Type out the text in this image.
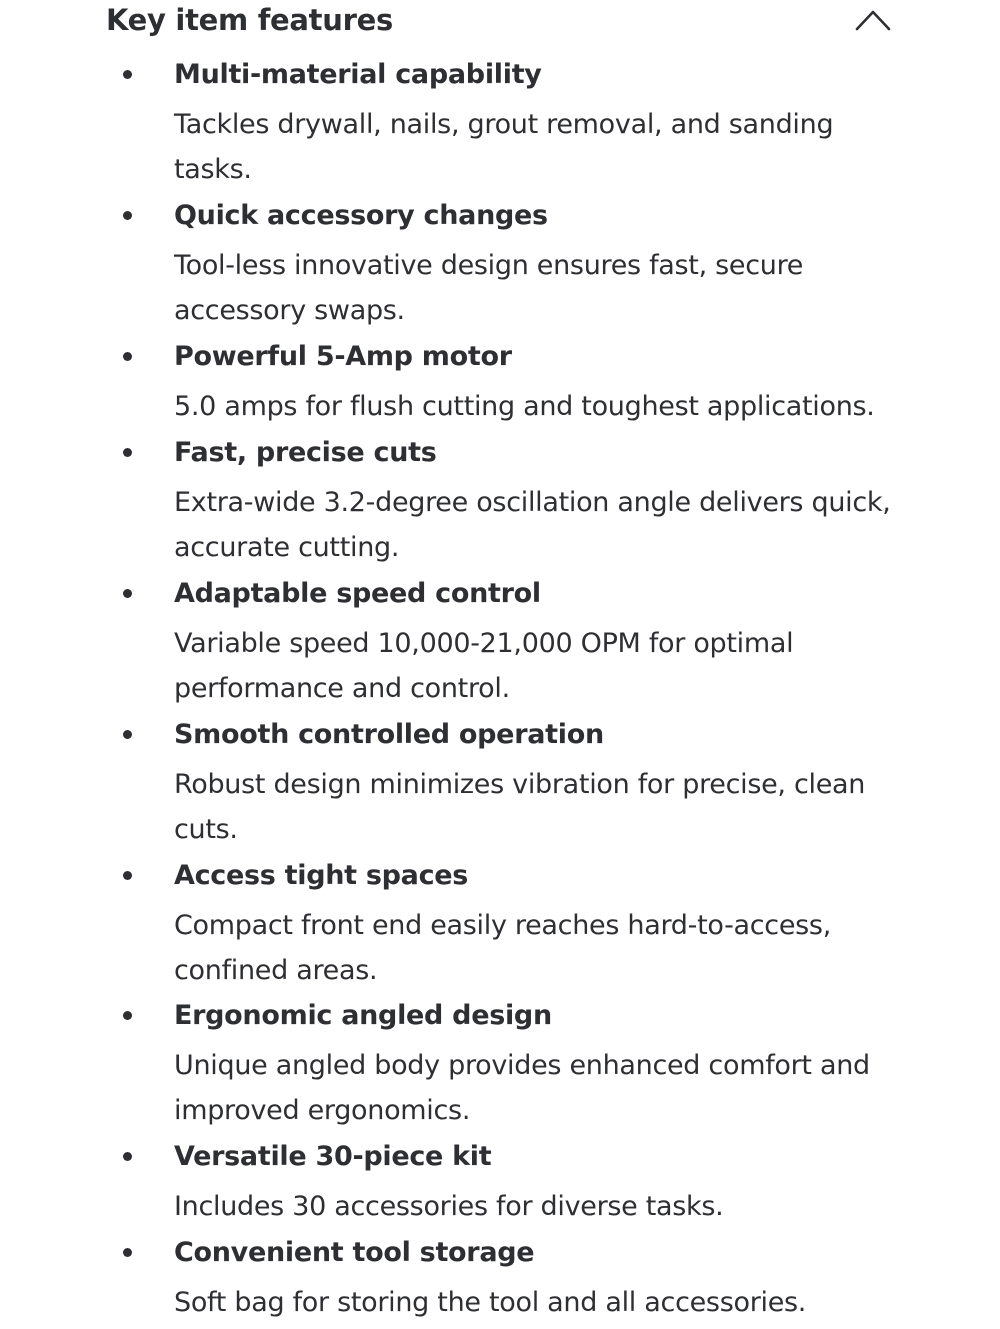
Key item features
Multi-material capability

Tackles drywall, nails, grout removal, and sanding tasks.

Quick accessory changes

Tool-less innovative design ensures fast, secure accessory swaps.

Powerful 5-Amp motor

5.0 amps for flush cutting and toughest applications.

Fast, precise cuts

Extra-wide 3.2-degree oscillation angle delivers quick, accurate cutting.

Adaptable speed control

Variable speed 10,000-21,000 OPM for optimal performance and control.

Smooth controlled operation

Robust design minimizes vibration for precise, clean cuts.

Access tight spaces

Compact front end easily reaches hard-to-access, confined areas.

Ergonomic angled design

Unique angled body provides enhanced comfort and improved ergonomics.

Versatile 30-piece kit

Includes 30 accessories for diverse tasks.

Convenient tool storage

Soft bag for storing the tool and all accessories.
